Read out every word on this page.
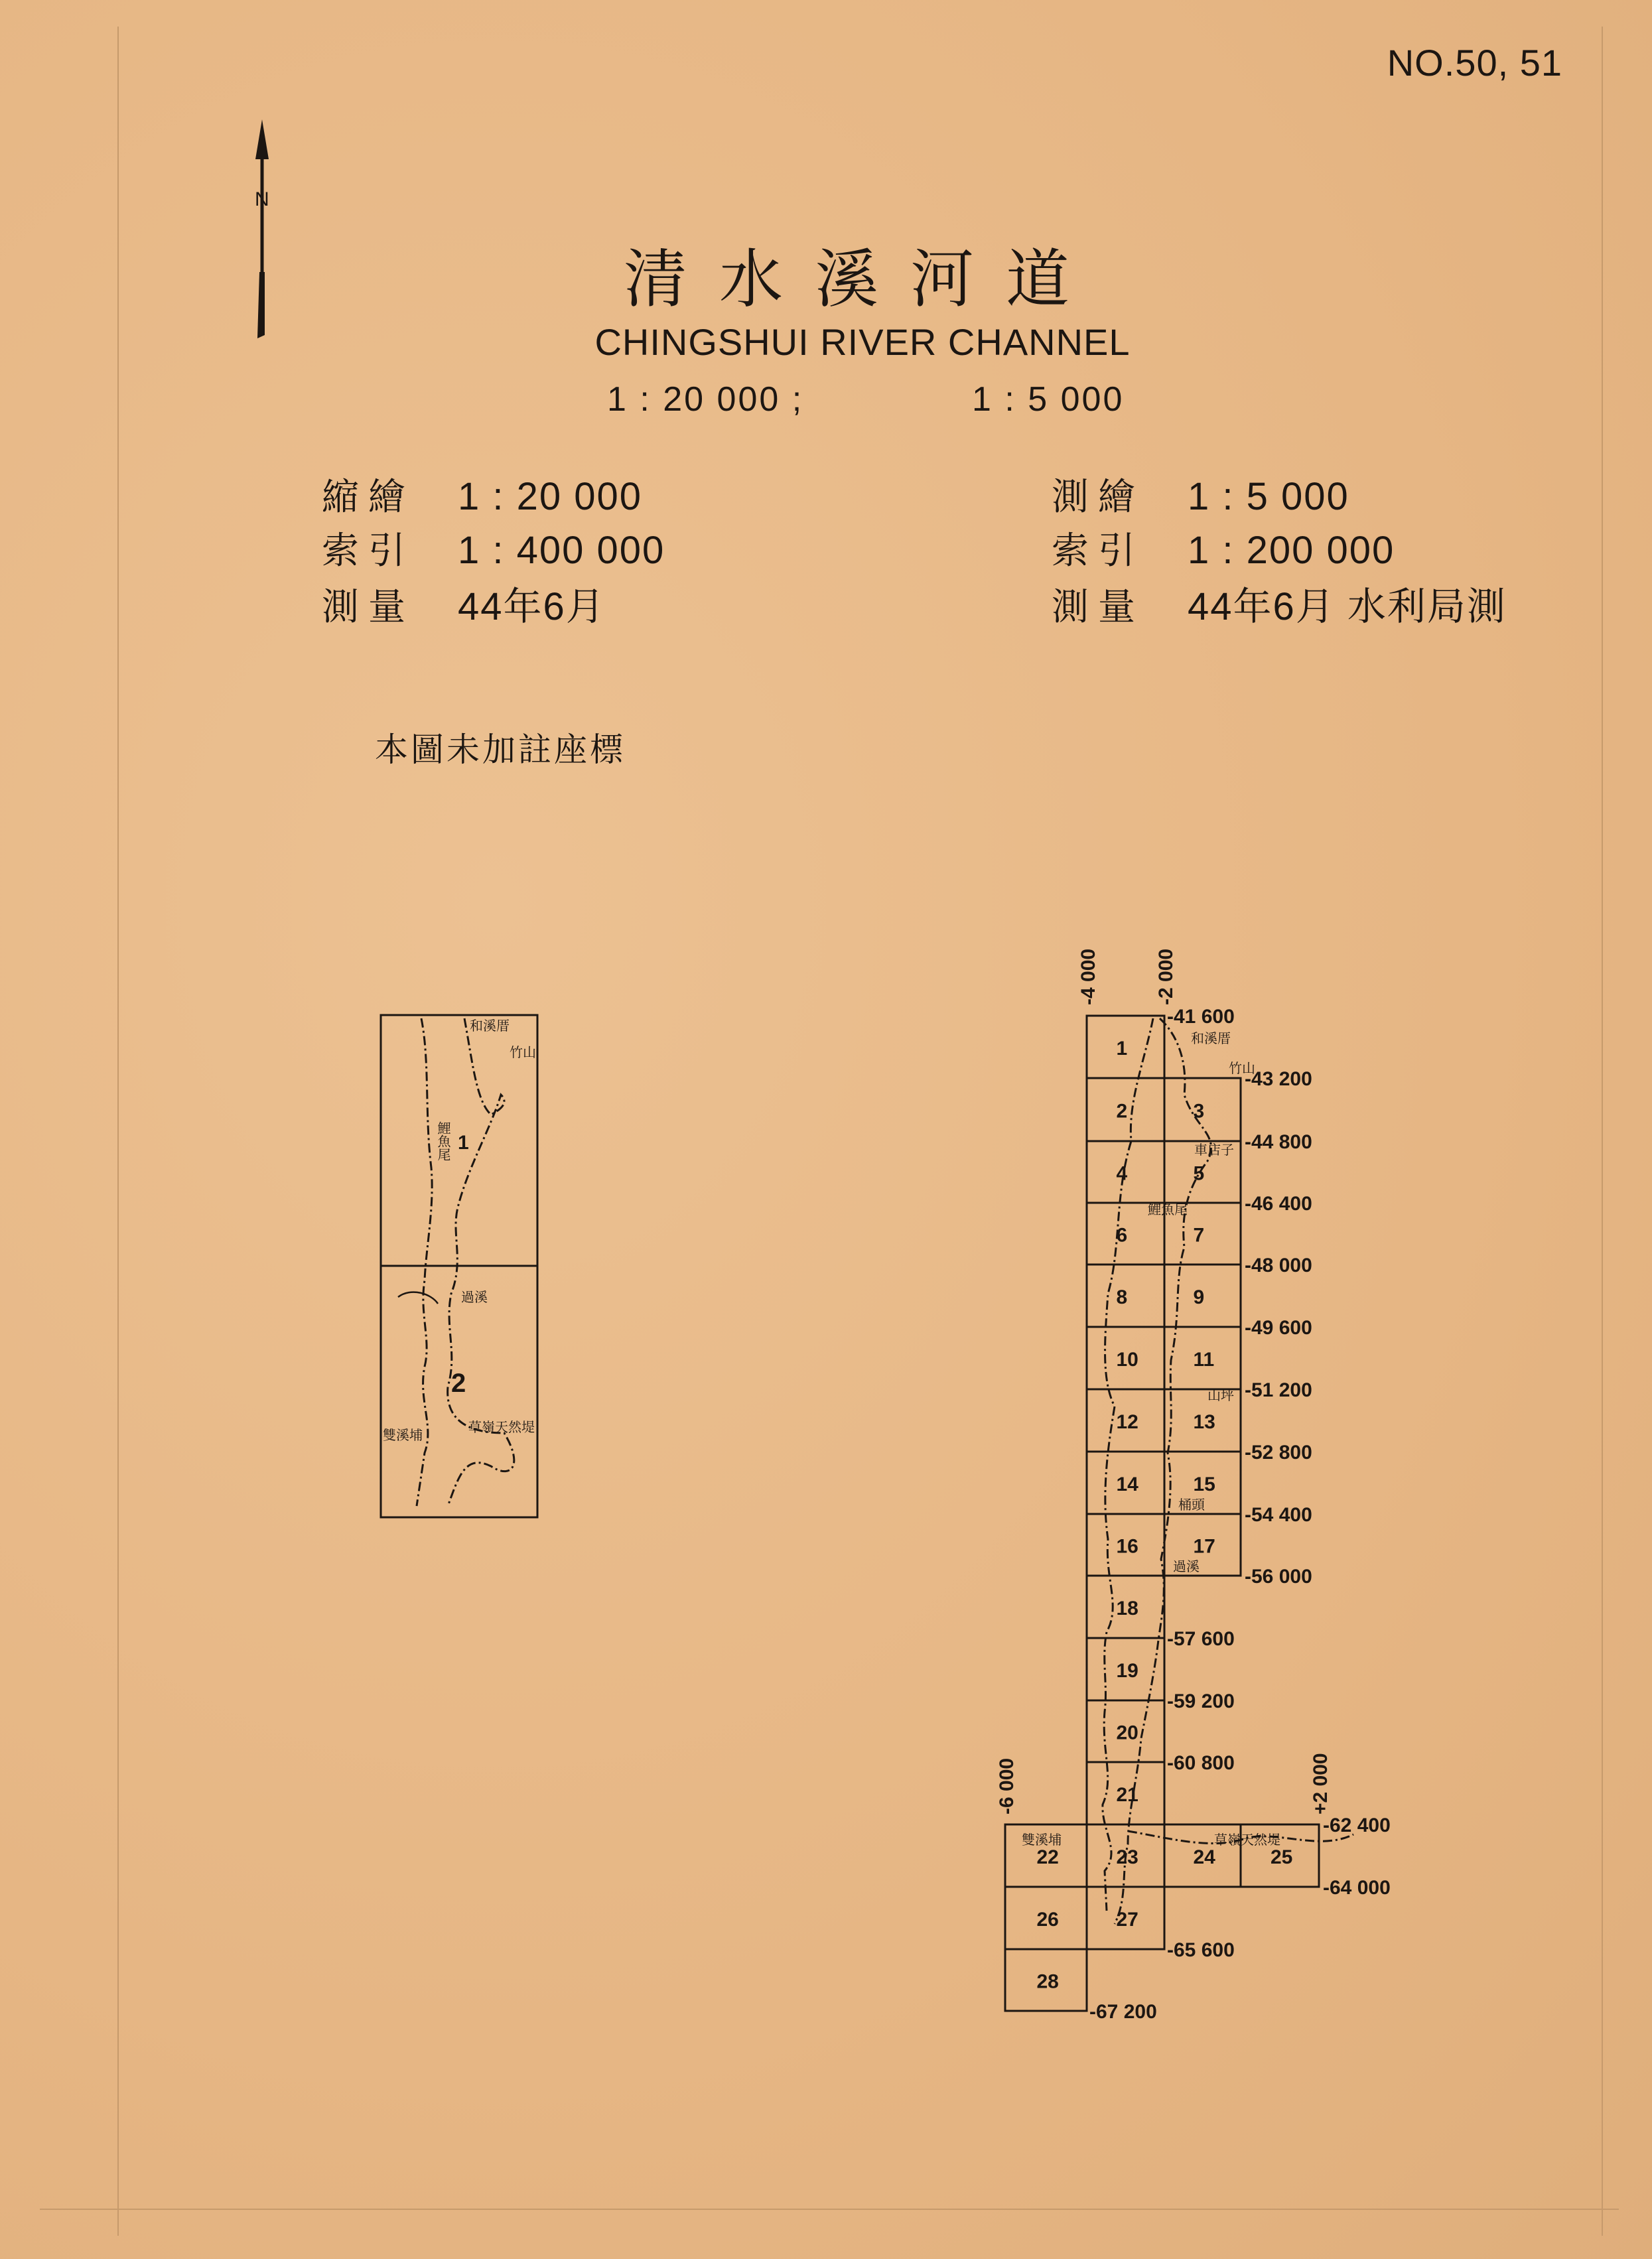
NO.50, 51
清水溪河道
CHINGSHUI RIVER CHANNEL
1 : 20 000 ;	1 : 5 000
縮繪 1 : 20 000
索引 1 : 400 000
測量 44年6月
測繪 1 : 5 000
索引 1 : 200 000
測量 44年6月 水利局測
本圖未加註座標
N
1
2
和溪厝
竹山
鯉魚尾
過溪
雙溪埔	草嶺天然堤
1
2	3
4	5
6	7
8	9
10	11
12	13
14	15
16	17
18
19
20
21
22	23	24	25
26	27
28
-41 600
-43 200
-44 800
-46 400
-48 000
-49 600
-51 200
-52 800
-54 400
-56 000
-57 600
-59 200
-60 800
-62 400
-64 000
-65 600
-67 200
-4 000	-2 000
-6 000	+2 000
和溪厝
竹山
車店子
鯉魚尾
山坪
桶頭
草嶺天然堤
雙溪埔
過溪
